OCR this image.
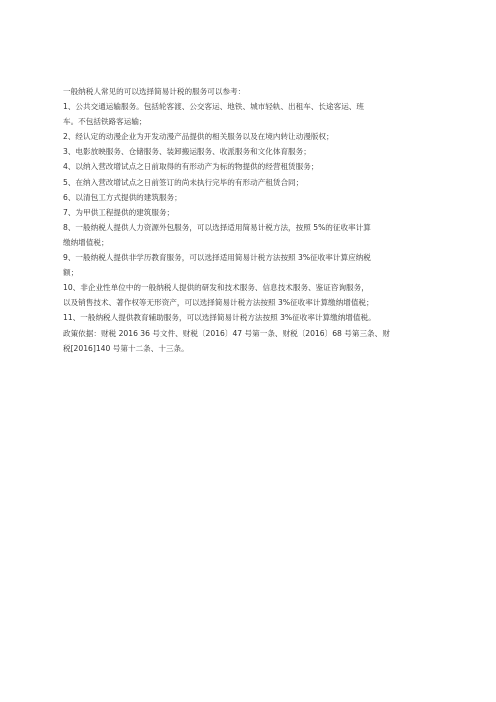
一般纳税人常见的可以选择简易计税的服务可以参考：
1、公共交通运输服务。包括轮客渡、公交客运、地铁、城市轻轨、出租车、长途客运、班
车。不包括铁路客运输；
2、经认定的动漫企业为开发动漫产品提供的相关服务以及在境内转让动漫版权；
3、电影放映服务、仓储服务、装卸搬运服务、收派服务和文化体育服务；
4、以纳入营改增试点之日前取得的有形动产为标的物提供的经营租赁服务；
5、在纳入营改增试点之日前签订的尚未执行完毕的有形动产租赁合同；
6、以清包工方式提供的建筑服务；
7、为甲供工程提供的建筑服务；
8、一般纳税人提供人力资源外包服务，可以选择适用简易计税方法，按照 5%的征收率计算
缴纳增值税；
9、一般纳税人提供非学历教育服务，可以选择适用简易计税方法按照 3%征收率计算应纳税
额；
10、非企业性单位中的一般纳税人提供的研发和技术服务、信息技术服务、鉴证咨询服务，
以及销售技术、著作权等无形资产，可以选择简易计税方法按照 3%征收率计算缴纳增值税；
11、一般纳税人提供教育辅助服务，可以选择简易计税方法按照 3%征收率计算缴纳增值税。
政策依据：财税 2016 36 号文件、财税〔2016〕47 号第一条、财税〔2016〕68 号第三条、财
税[2016]140 号第十二条、十三条。
